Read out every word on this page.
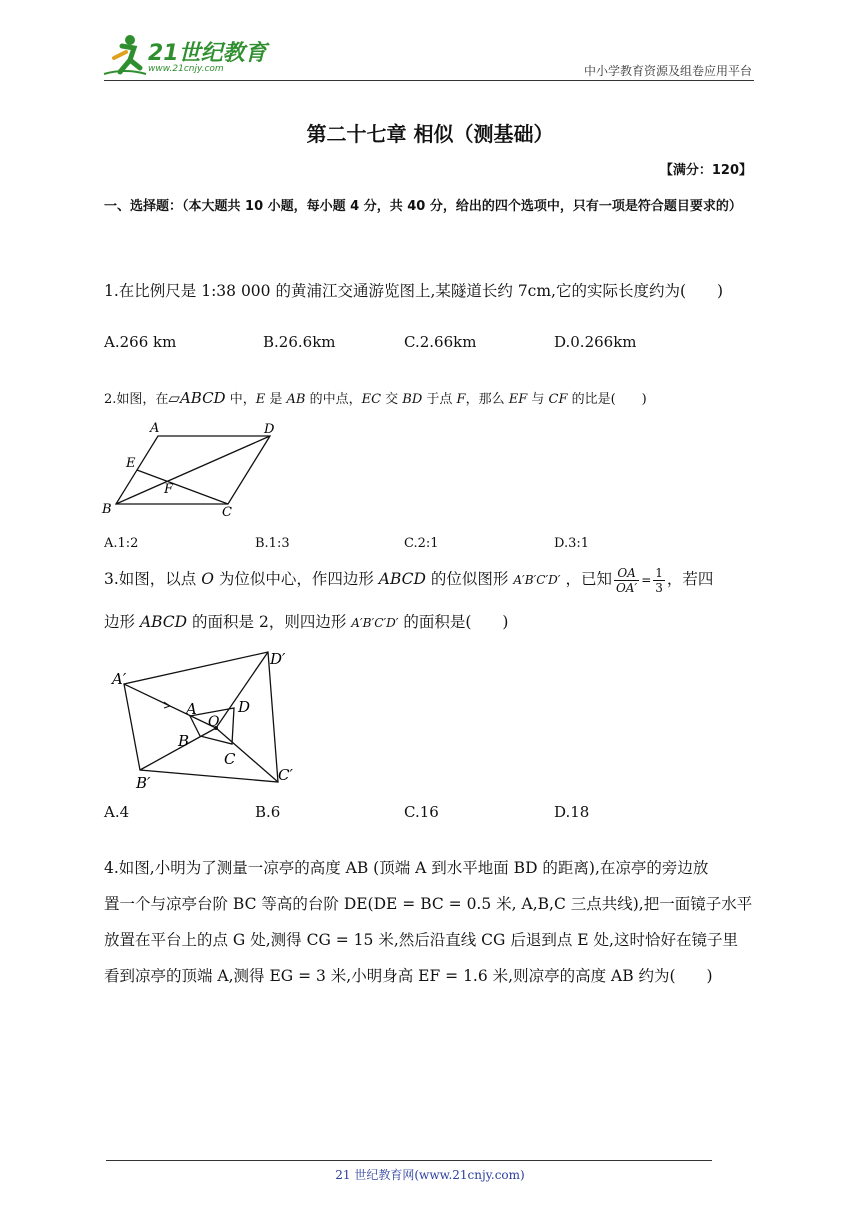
21世纪教育
www.21cnjy.com	中小学教育资源及组卷应用平台
第二十七章 相似（测基础）
【满分：120】
一、选择题：（本大题共 10 小题，每小题 4 分，共 40 分，给出的四个选项中，只有一项是符合题目要求的）
1.在比例尺是 1:38 000 的黄浦江交通游览图上,某隧道长约 7cm,它的实际长度约为(　　)
A.266 km	B.26.6km	C.2.66km	D.0.266km
2.如图，在▱ABCD 中，E 是 AB 的中点，EC 交 BD 于点 F，那么 EF 与 CF 的比是(　　)
A	D
E
F
B	C
A.1:2	B.1:3	C.2:1	D.3:1
3.如图，以点 O 为位似中心，作四边形 ABCD 的位似图形 A′B′C′D′ ，已知 $\frac{OA}{OA'} = \frac{1}{3}$ ，若四
边形 ABCD 的面积是 2，则四边形 A′B′C′D′ 的面积是(　　)
A′
D′
A
O
D
B
C
B′	C′
A.4	B.6	C.16	D.18
4.如图,小明为了测量一凉亭的高度 AB (顶端 A 到水平地面 BD 的距离),在凉亭的旁边放
置一个与凉亭台阶 BC 等高的台阶 DE(DE = BC = 0.5 米, A,B,C 三点共线),把一面镜子水平
放置在平台上的点 G 处,测得 CG = 15 米,然后沿直线 CG 后退到点 E 处,这时恰好在镜子里
看到凉亭的顶端 A,测得 EG = 3 米,小明身高 EF = 1.6 米,则凉亭的高度 AB 约为(　　)
21 世纪教育网(www.21cnjy.com)
